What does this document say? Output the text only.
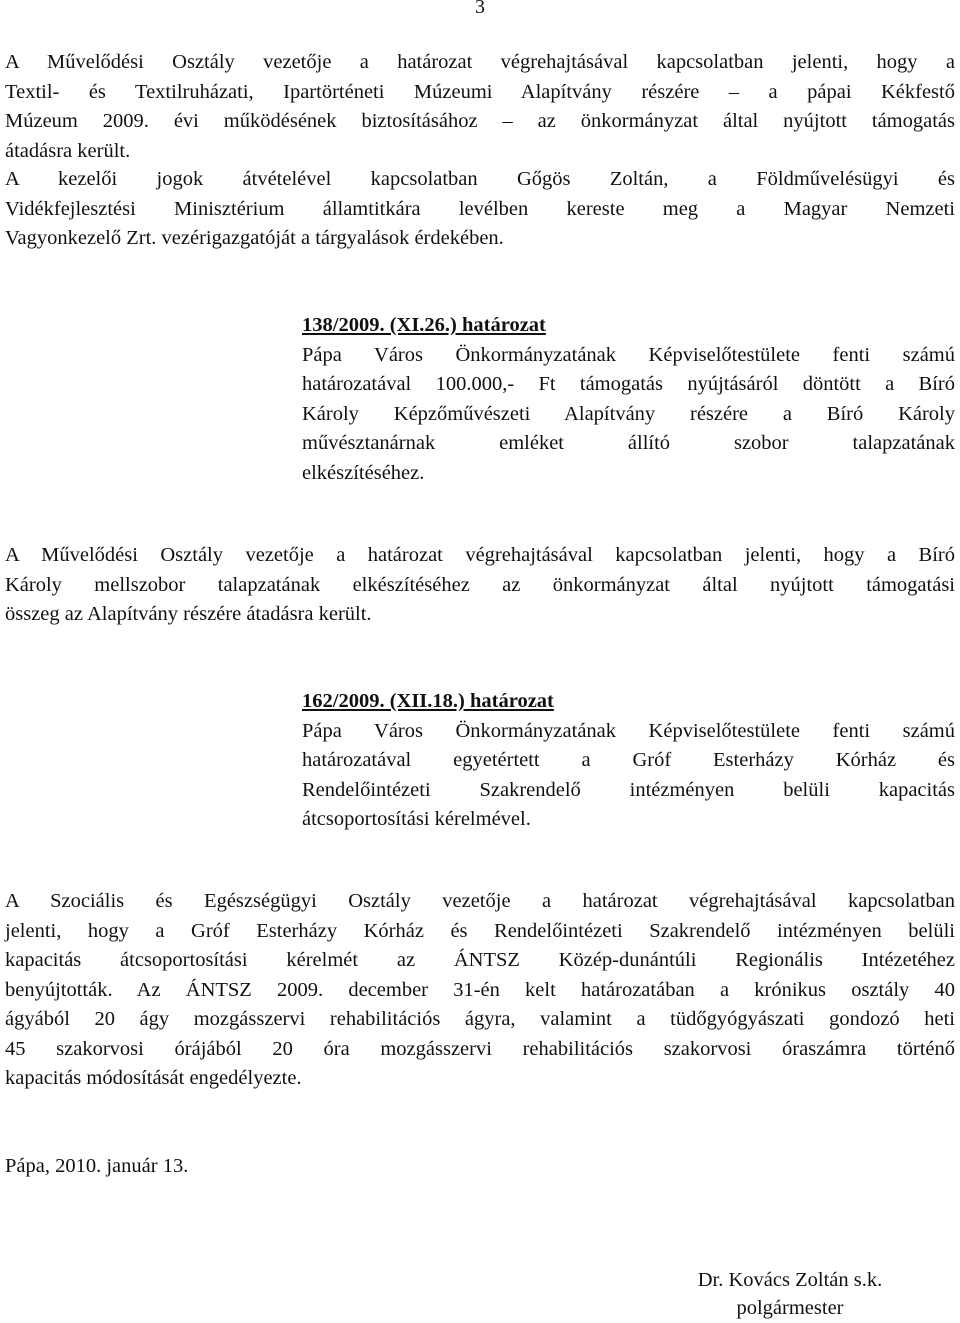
3

A Művelődési Osztály vezetője a határozat végrehajtásával kapcsolatban jelenti, hogy a
Textil- és Textilruházati, Ipartörténeti Múzeumi Alapítvány részére – a pápai Kékfestő
Múzeum 2009. évi működésének biztosításához – az önkormányzat által nyújtott támogatás
átadásra került.

A kezelői jogok átvételével kapcsolatban Gőgös Zoltán, a Földművelésügyi és
Vidékfejlesztési Minisztérium államtitkára levélben kereste meg a Magyar Nemzeti
Vagyonkezelő Zrt. vezérigazgatóját a tárgyalások érdekében.

138/2009. (XI.26.) határozat
Pápa Város Önkormányzatának Képviselőtestülete fenti számú
határozatával 100.000,- Ft támogatás nyújtásáról döntött a Bíró
Károly Képzőművészeti Alapítvány részére a Bíró Károly
művésztanárnak emléket állító szobor talapzatának
elkészítéséhez.

A Művelődési Osztály vezetője a határozat végrehajtásával kapcsolatban jelenti, hogy a Bíró
Károly mellszobor talapzatának elkészítéséhez az önkormányzat által nyújtott támogatási
összeg az Alapítvány részére átadásra került.

162/2009. (XII.18.) határozat
Pápa Város Önkormányzatának Képviselőtestülete fenti számú
határozatával egyetértett a Gróf Esterházy Kórház és
Rendelőintézeti Szakrendelő intézményen belüli kapacitás
átcsoportosítási kérelmével.

A Szociális és Egészségügyi Osztály vezetője a határozat végrehajtásával kapcsolatban
jelenti, hogy a Gróf Esterházy Kórház és Rendelőintézeti Szakrendelő intézményen belüli
kapacitás átcsoportosítási kérelmét az ÁNTSZ Közép-dunántúli Regionális Intézetéhez
benyújtották. Az ÁNTSZ 2009. december 31-én kelt határozatában a krónikus osztály 40
ágyából 20 ágy mozgásszervi rehabilitációs ágyra, valamint a tüdőgyógyászati gondozó heti
45 szakorvosi órájából 20 óra mozgásszervi rehabilitációs szakorvosi óraszámra történő
kapacitás módosítását engedélyezte.

Pápa, 2010. január 13.

Dr. Kovács Zoltán s.k.
polgármester
